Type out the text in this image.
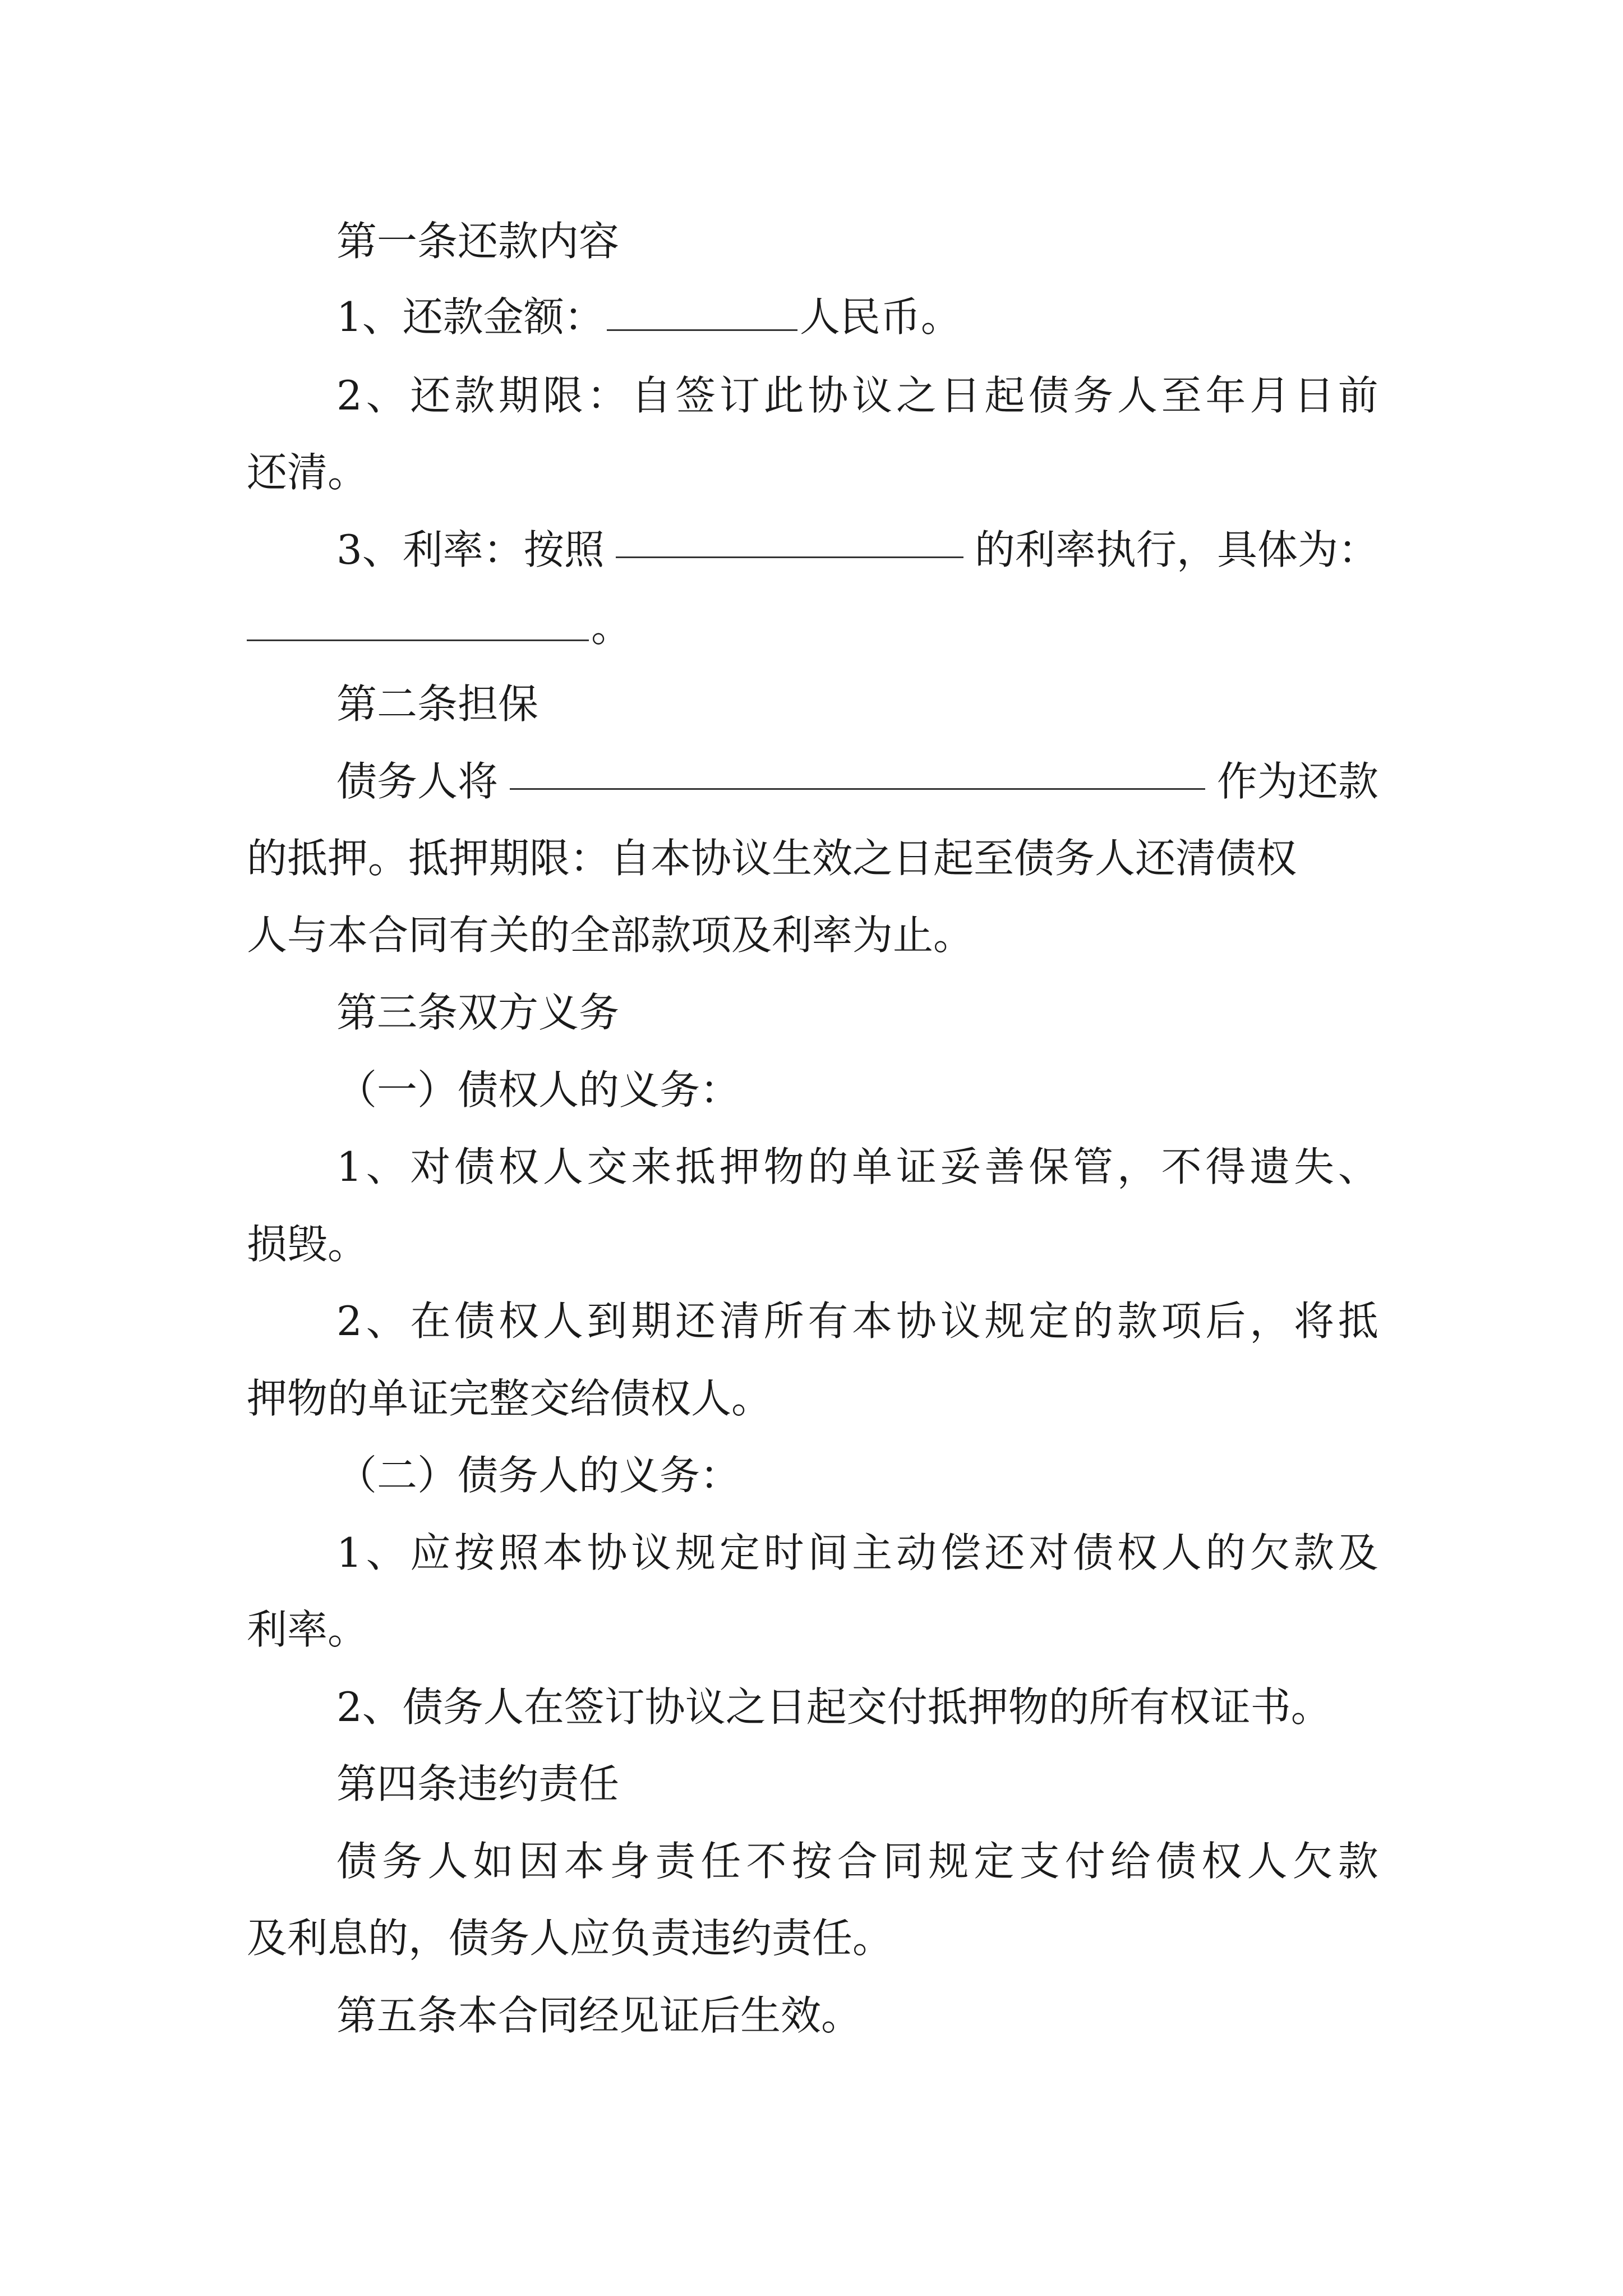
第一条还款内容
1、还款金额：	人民币。
2 、 还 款 期 限 ： 自 签 订 此 协 议 之 日 起 债 务 人 至 年 月 日 前
还清。
3、利率：按照	的利率执行，具体为：
。
第二条担保
债务人将	作为还款
的抵押。抵押期限：自本协议生效之日起至债务人还清债权
人与本合同有关的全部款项及利率为止。
第三条双方义务
（一）债权人的义务：
1 、 对 债 权 人 交 来 抵 押 物 的 单 证 妥 善 保 管 ， 不 得 遗 失 、
损毁。
2 、 在 债 权 人 到 期 还 清 所 有 本 协 议 规 定 的 款 项 后 ， 将 抵
押物的单证完整交给债权人。
（二）债务人的义务：
1 、 应 按 照 本 协 议 规 定 时 间 主 动 偿 还 对 债 权 人 的 欠 款 及
利率。
2、债务人在签订协议之日起交付抵押物的所有权证书。
第四条违约责任
债 务 人 如 因 本 身 责 任 不 按 合 同 规 定 支 付 给 债 权 人 欠 款
及利息的，债务人应负责违约责任。
第五条本合同经见证后生效。
